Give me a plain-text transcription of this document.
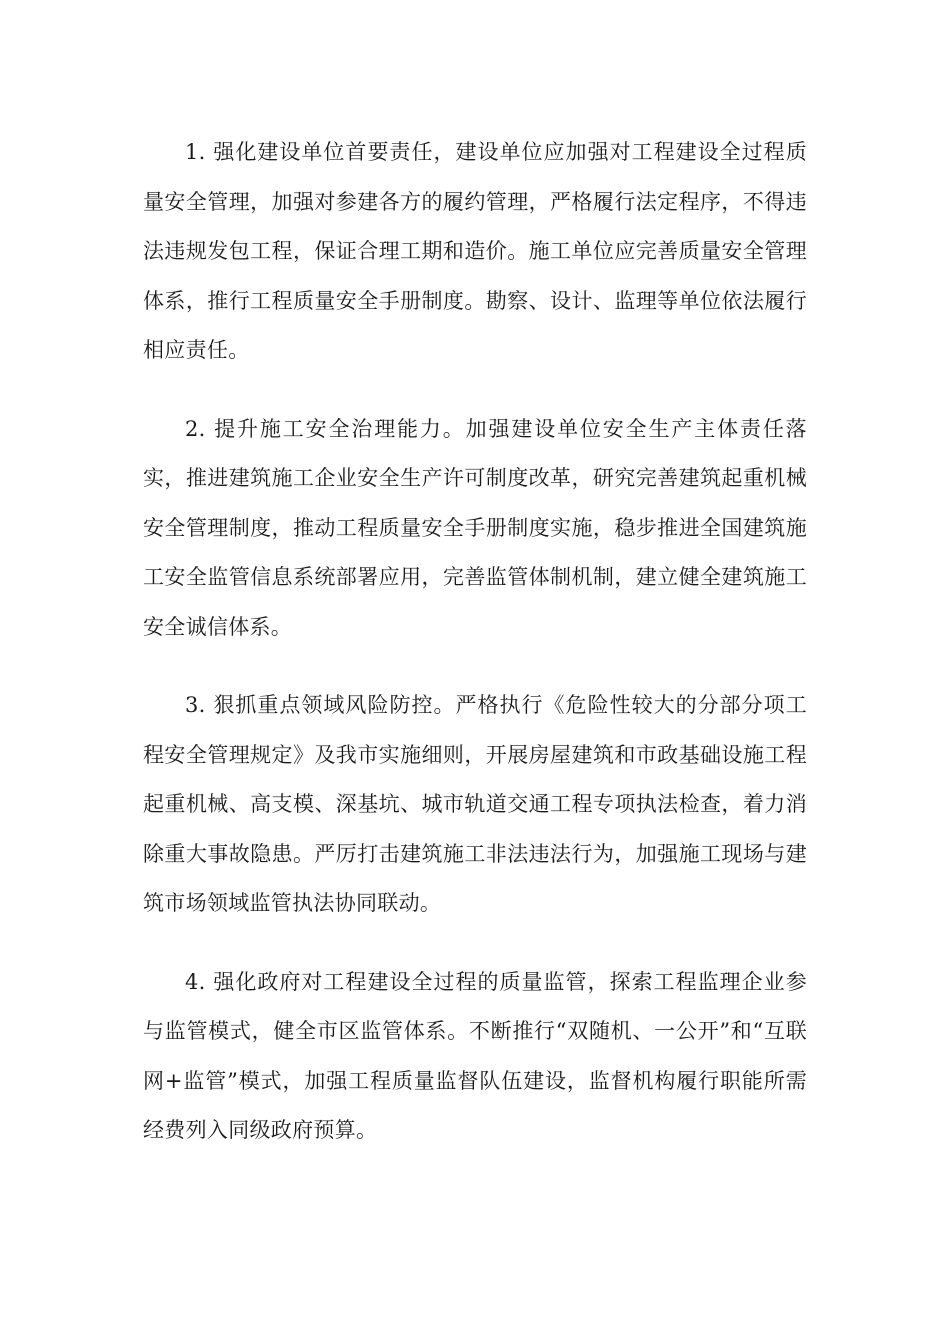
1. 强化建设单位首要责任，建设单位应加强对工程建设全过程质量安全管理，加强对参建各方的履约管理，严格履行法定程序，不得违法违规发包工程，保证合理工期和造价。施工单位应完善质量安全管理体系，推行工程质量安全手册制度。勘察、设计、监理等单位依法履行相应责任。

2. 提升施工安全治理能力。加强建设单位安全生产主体责任落实，推进建筑施工企业安全生产许可制度改革，研究完善建筑起重机械安全管理制度，推动工程质量安全手册制度实施，稳步推进全国建筑施工安全监管信息系统部署应用，完善监管体制机制，建立健全建筑施工安全诚信体系。

3. 狠抓重点领域风险防控。严格执行《危险性较大的分部分项工程安全管理规定》及我市实施细则，开展房屋建筑和市政基础设施工程起重机械、高支模、深基坑、城市轨道交通工程专项执法检查，着力消除重大事故隐患。严厉打击建筑施工非法违法行为，加强施工现场与建筑市场领域监管执法协同联动。

4. 强化政府对工程建设全过程的质量监管，探索工程监理企业参与监管模式，健全市区监管体系。不断推行“双随机、一公开”和“互联网+监管”模式，加强工程质量监督队伍建设，监督机构履行职能所需经费列入同级政府预算。
